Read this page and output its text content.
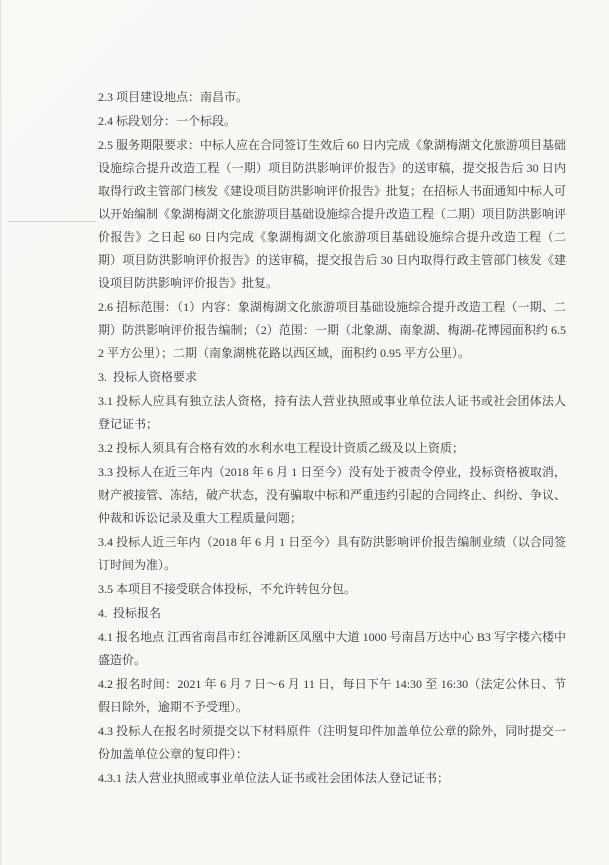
2.3 项目建设地点：南昌市。

2.4 标段划分：一个标段。

2.5 服务期限要求：中标人应在合同签订生效后 60 日内完成《象湖梅湖文化旅游项目基础设施综合提升改造工程（一期）项目防洪影响评价报告》的送审稿，提交报告后 30 日内取得行政主管部门核发《建设项目防洪影响评价报告》批复；在招标人书面通知中标人可以开始编制《象湖梅湖文化旅游项目基础设施综合提升改造工程（二期）项目防洪影响评价报告》之日起 60 日内完成《象湖梅湖文化旅游项目基础设施综合提升改造工程（二期）项目防洪影响评价报告》的送审稿，提交报告后 30 日内取得行政主管部门核发《建设项目防洪影响评价报告》批复。

2.6 招标范围：（1）内容：象湖梅湖文化旅游项目基础设施综合提升改造工程（一期、二期）防洪影响评价报告编制；（2）范围：一期（北象湖、南象湖、梅湖-花博园面积约 6.52 平方公里）；二期（南象湖桃花路以西区域，面积约 0.95 平方公里）。

3.  投标人资格要求

3.1 投标人应具有独立法人资格，持有法人营业执照或事业单位法人证书或社会团体法人登记证书；

3.2 投标人须具有合格有效的水利水电工程设计资质乙级及以上资质；

3.3 投标人在近三年内（2018 年 6 月 1 日至今）没有处于被责令停业，投标资格被取消，财产被接管、冻结，破产状态，没有骗取中标和严重违约引起的合同终止、纠纷、争议、仲裁和诉讼记录及重大工程质量问题；

3.4 投标人近三年内（2018 年 6 月 1 日至今）具有防洪影响评价报告编制业绩（以合同签订时间为准）。

3.5 本项目不接受联合体投标，不允许转包分包。

4.  投标报名

4.1 报名地点 江西省南昌市红谷滩新区凤凰中大道 1000 号南昌万达中心 B3 写字楼六楼中盛造价。

4.2 报名时间：2021 年 6 月 7 日～6 月 11 日，每日下午 14:30 至 16:30（法定公休日、节假日除外，逾期不予受理）。

4.3 投标人在报名时须提交以下材料原件（注明复印件加盖单位公章的除外，同时提交一份加盖单位公章的复印件）：

4.3.1 法人营业执照或事业单位法人证书或社会团体法人登记证书；
